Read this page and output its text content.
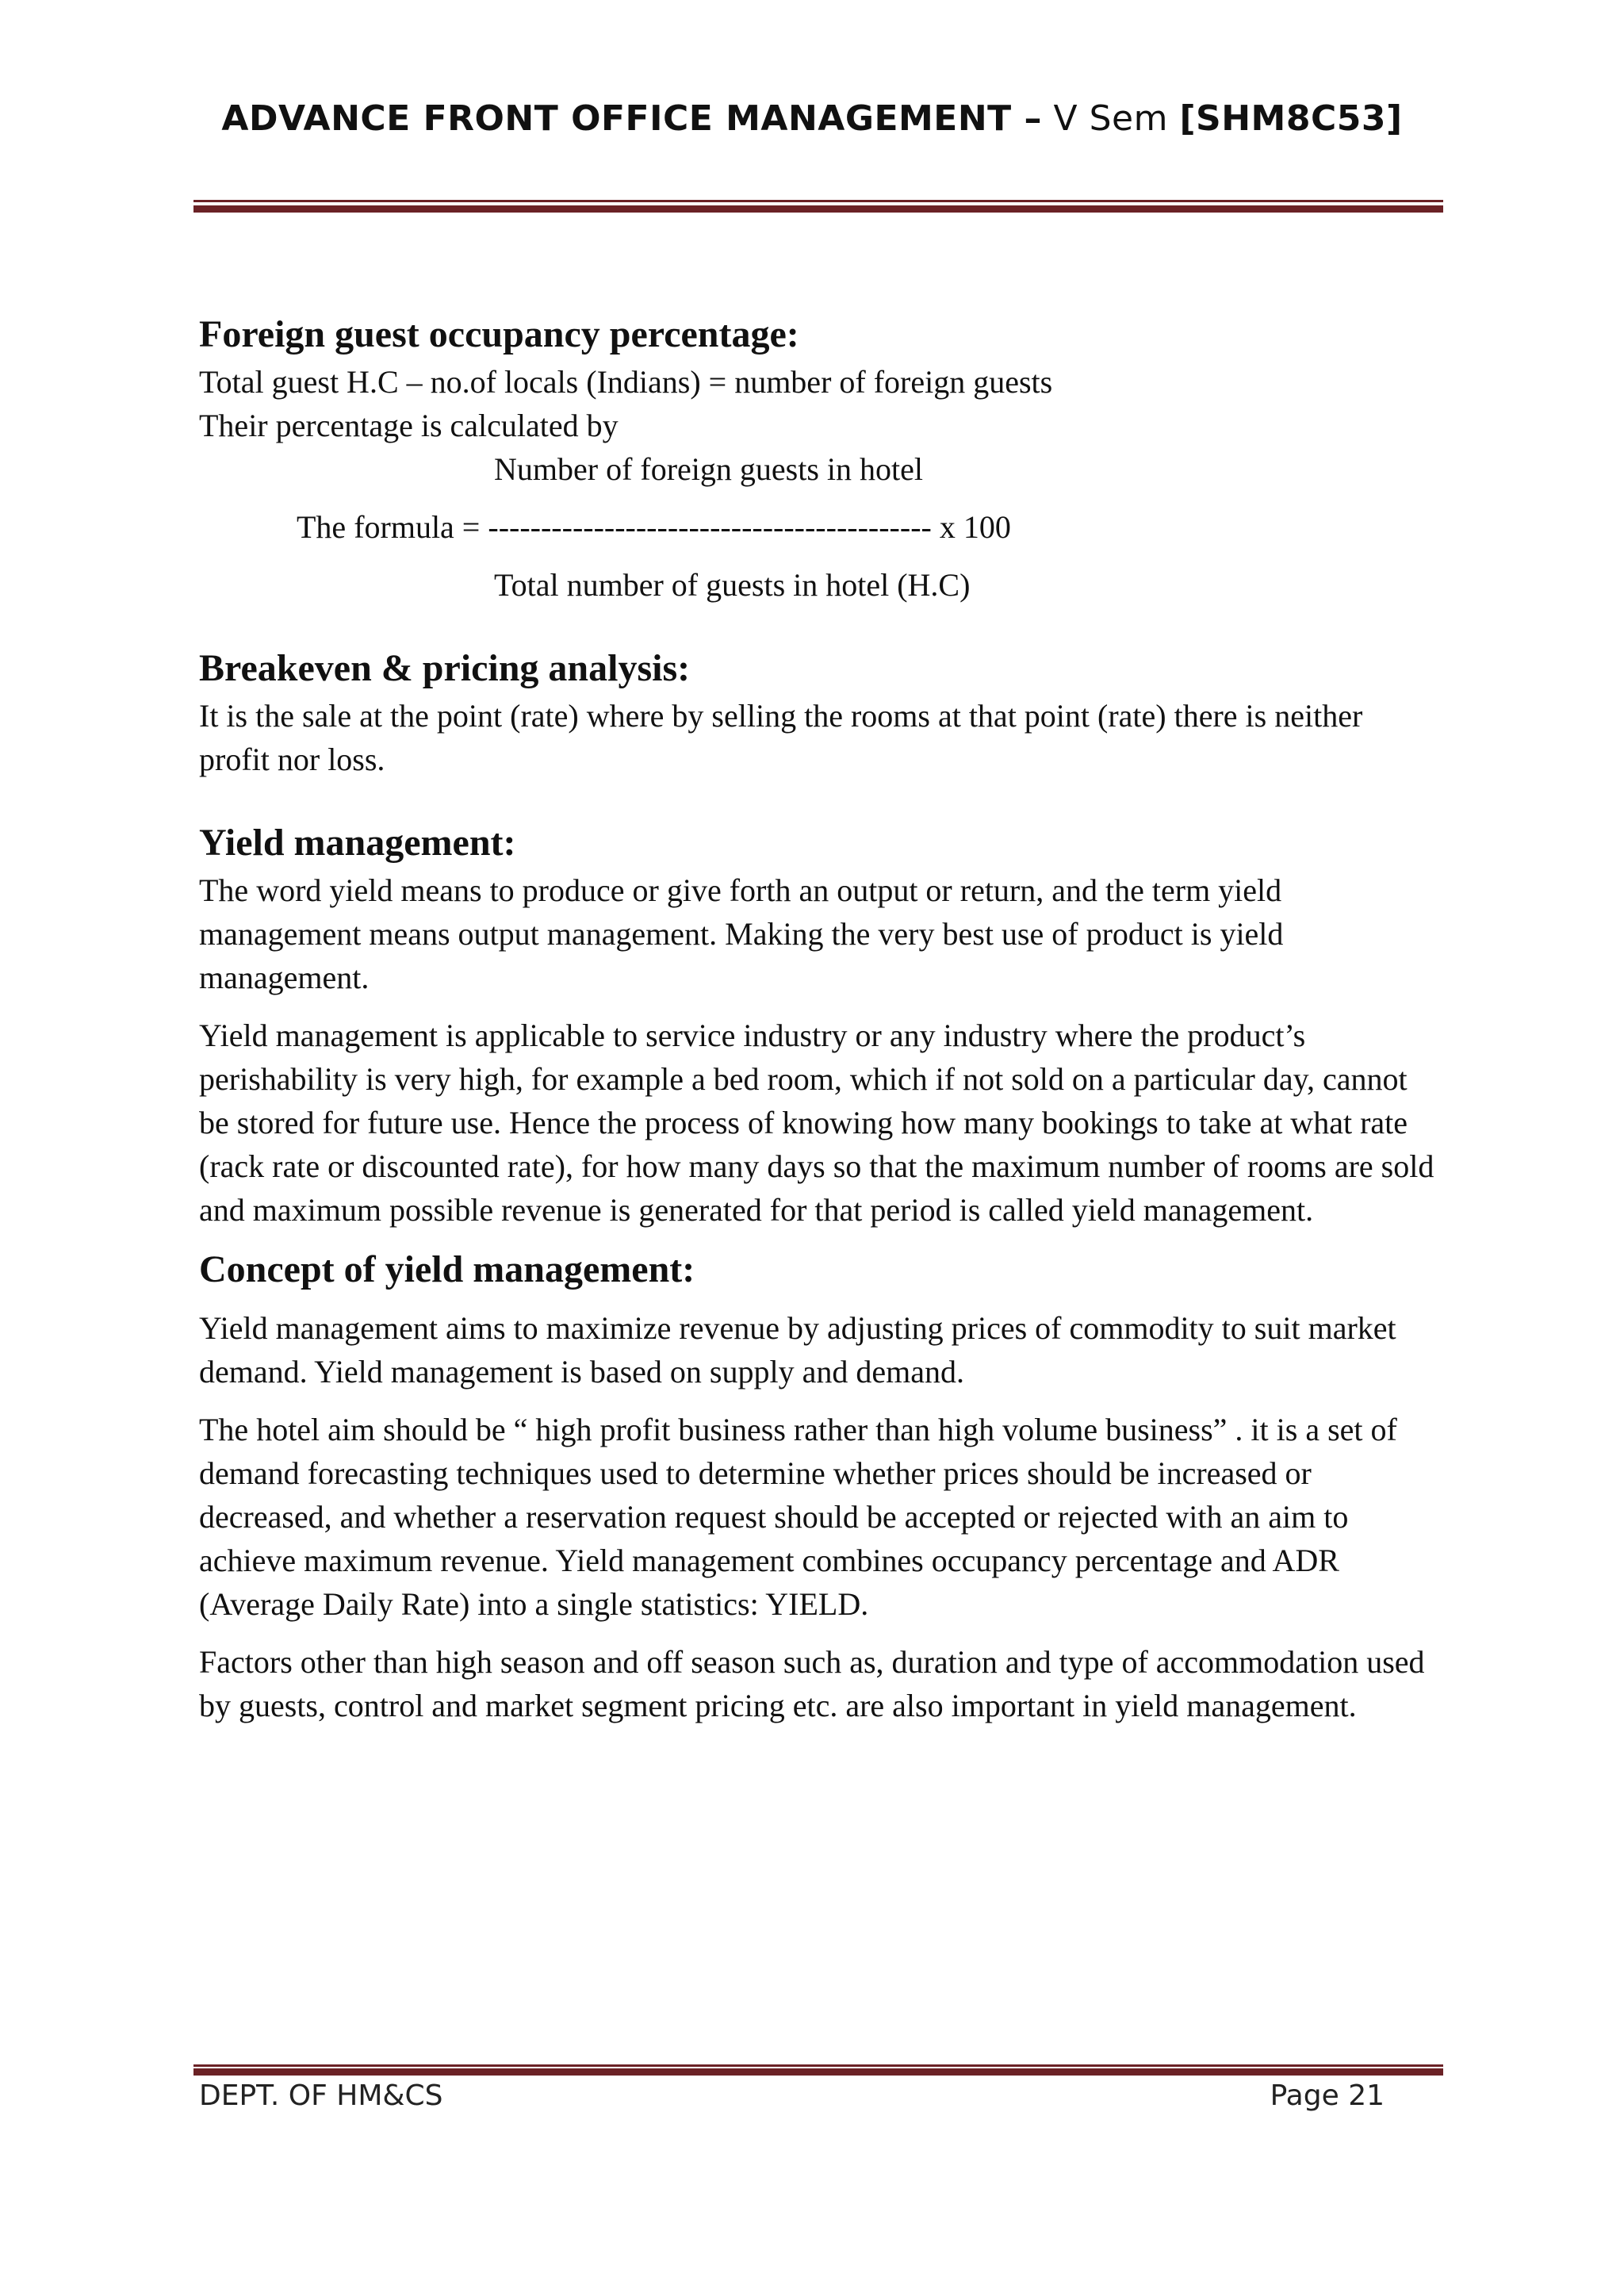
ADVANCE FRONT OFFICE MANAGEMENT – V Sem [SHM8C53]
Foreign guest occupancy percentage:

Total guest H.C – no.of locals (Indians) = number of foreign guests

Their percentage is calculated by

Number of foreign guests in hotel

The formula = ------------------------------------------ x 100

Total number of guests in hotel (H.C)

Breakeven & pricing analysis:

It is the sale at the point (rate) where by selling the rooms at that point (rate) there is neither profit nor loss.

Yield management:

The word yield means to produce or give forth an output or return, and the term yield management means output management. Making the very best use of product is yield management.

Yield management is applicable to service industry or any industry where the product’s perishability is very high, for example a bed room, which if not sold on a particular day, cannot be stored for future use. Hence the process of knowing how many bookings to take at what rate (rack rate or discounted rate), for how many days so that the maximum number of rooms are sold and maximum possible revenue is generated for that period is called yield management.

Concept of yield management:

Yield management aims to maximize revenue by adjusting prices of commodity to suit market demand. Yield management is based on supply and demand.

The hotel aim should be “ high profit business rather than high volume business” . it is a set of demand forecasting techniques used to determine whether prices should be increased or decreased, and whether a reservation request should be accepted or rejected with an aim to achieve maximum revenue. Yield management combines occupancy percentage and ADR (Average Daily Rate) into a single statistics: YIELD.

Factors other than high season and off season such as, duration and type of accommodation used by guests, control and market segment pricing etc. are also important in yield management.

DEPT. OF HM&CS	Page 21
